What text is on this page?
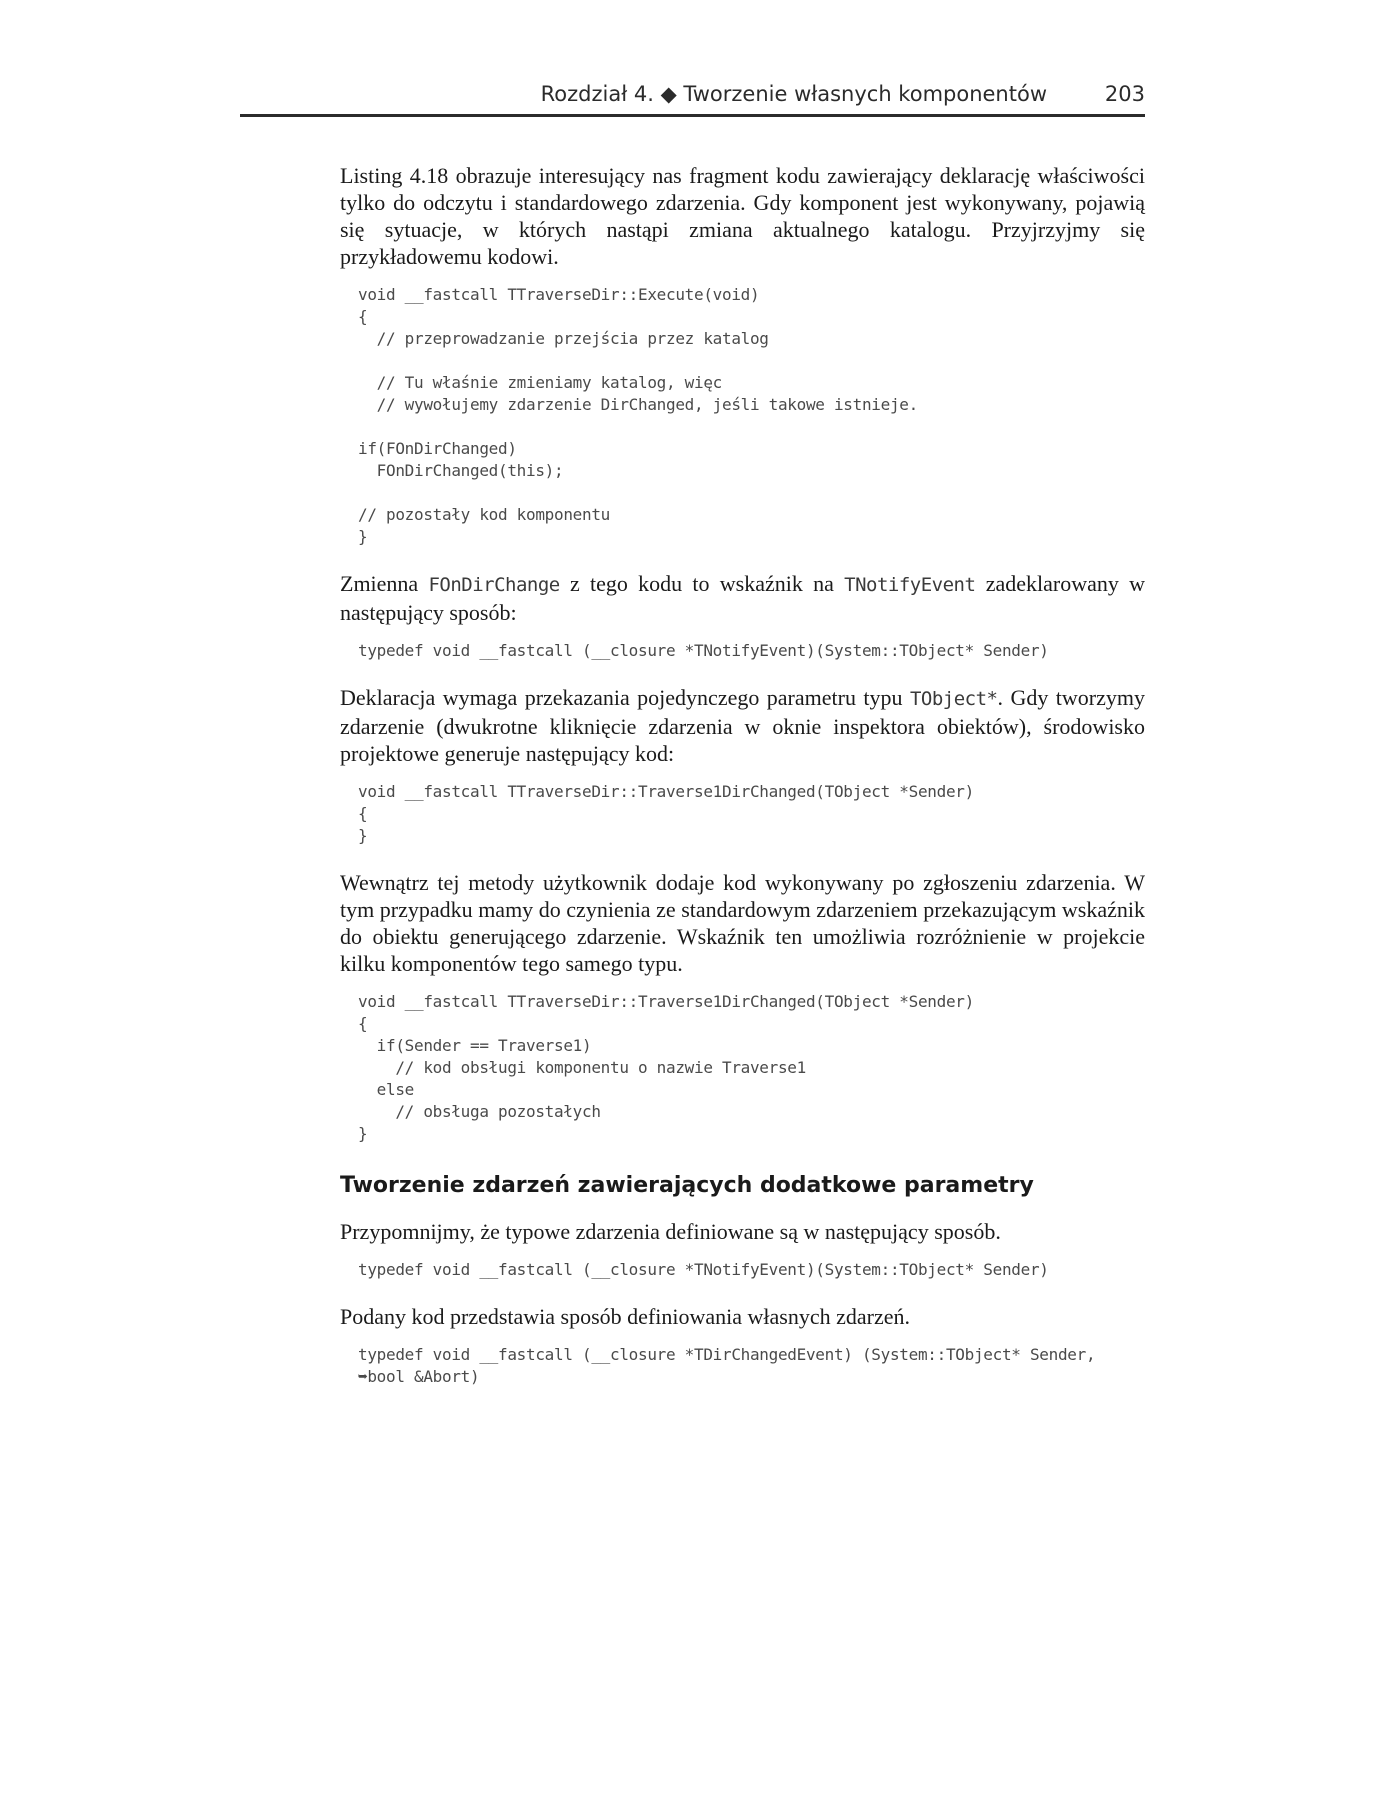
Rozdział 4. ◆ Tworzenie własnych komponentów	203

Listing 4.18 obrazuje interesujący nas fragment kodu zawierający deklarację właściwości tylko do odczytu i standardowego zdarzenia. Gdy komponent jest wykonywany, pojawią się sytuacje, w których nastąpi zmiana aktualnego katalogu. Przyjrzyjmy się przykładowemu kodowi.

void __fastcall TTraverseDir::Execute(void)
{
// przeprowadzanie przejścia przez katalog

// Tu właśnie zmieniamy katalog, więc
// wywołujemy zdarzenie DirChanged, jeśli takowe istnieje.

if(FOnDirChanged)
FOnDirChanged(this);

// pozostały kod komponentu
}

Zmienna FOnDirChange z tego kodu to wskaźnik na TNotifyEvent zadeklarowany w następujący sposób:

typedef void __fastcall (__closure *TNotifyEvent)(System::TObject* Sender)

Deklaracja wymaga przekazania pojedynczego parametru typu TObject*. Gdy tworzymy zdarzenie (dwukrotne kliknięcie zdarzenia w oknie inspektora obiektów), środowisko projektowe generuje następujący kod:

void __fastcall TTraverseDir::Traverse1DirChanged(TObject *Sender)
{
}

Wewnątrz tej metody użytkownik dodaje kod wykonywany po zgłoszeniu zdarzenia. W tym przypadku mamy do czynienia ze standardowym zdarzeniem przekazującym wskaźnik do obiektu generującego zdarzenie. Wskaźnik ten umożliwia rozróżnienie w projekcie kilku komponentów tego samego typu.

void __fastcall TTraverseDir::Traverse1DirChanged(TObject *Sender)
{
if(Sender == Traverse1)
// kod obsługi komponentu o nazwie Traverse1
else
// obsługa pozostałych
}
Tworzenie zdarzeń zawierających dodatkowe parametry

Przypomnijmy, że typowe zdarzenia definiowane są w następujący sposób.

typedef void __fastcall (__closure *TNotifyEvent)(System::TObject* Sender)

Podany kod przedstawia sposób definiowania własnych zdarzeń.

typedef void __fastcall (__closure *TDirChangedEvent) (System::TObject* Sender,
➥bool &Abort)
